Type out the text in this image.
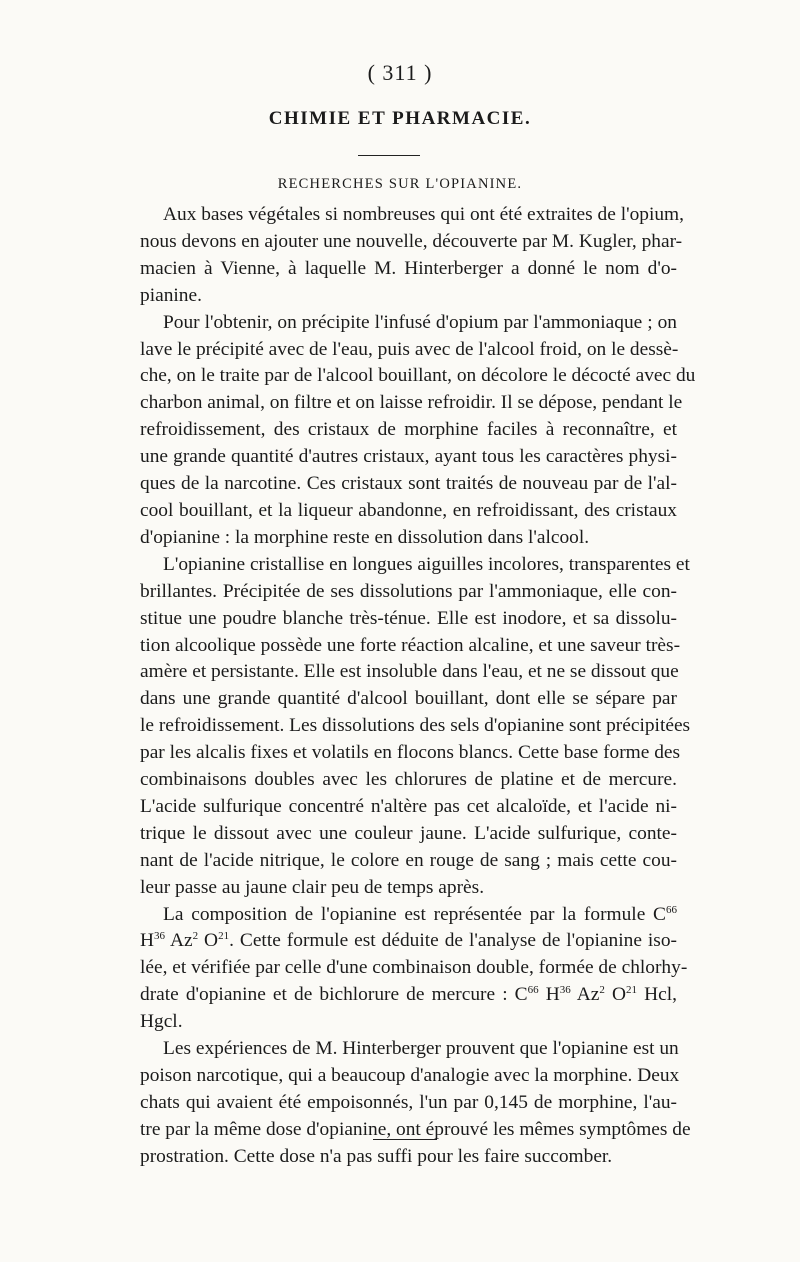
( 311 )
CHIMIE ET PHARMACIE.
RECHERCHES SUR L'OPIANINE.

Aux bases végétales si nombreuses qui ont été extraites de l'opium,
nous devons en ajouter une nouvelle, découverte par M. Kugler, phar-
macien à Vienne, à laquelle M. Hinterberger a donné le nom d'o-
pianine.

Pour l'obtenir, on précipite l'infusé d'opium par l'ammoniaque ; on
lave le précipité avec de l'eau, puis avec de l'alcool froid, on le dessè-
che, on le traite par de l'alcool bouillant, on décolore le décocté avec du
charbon animal, on filtre et on laisse refroidir. Il se dépose, pendant le
refroidissement, des cristaux de morphine faciles à reconnaître, et
une grande quantité d'autres cristaux, ayant tous les caractères physi-
ques de la narcotine. Ces cristaux sont traités de nouveau par de l'al-
cool bouillant, et la liqueur abandonne, en refroidissant, des cristaux
d'opianine : la morphine reste en dissolution dans l'alcool.

L'opianine cristallise en longues aiguilles incolores, transparentes et
brillantes. Précipitée de ses dissolutions par l'ammoniaque, elle con-
stitue une poudre blanche très-ténue. Elle est inodore, et sa dissolu-
tion alcoolique possède une forte réaction alcaline, et une saveur très-
amère et persistante. Elle est insoluble dans l'eau, et ne se dissout que
dans une grande quantité d'alcool bouillant, dont elle se sépare par
le refroidissement. Les dissolutions des sels d'opianine sont précipitées
par les alcalis fixes et volatils en flocons blancs. Cette base forme des
combinaisons doubles avec les chlorures de platine et de mercure.
L'acide sulfurique concentré n'altère pas cet alcaloïde, et l'acide ni-
trique le dissout avec une couleur jaune. L'acide sulfurique, conte-
nant de l'acide nitrique, le colore en rouge de sang ; mais cette cou-
leur passe au jaune clair peu de temps après.

La composition de l'opianine est représentée par la formule $C^{66}$
$H^{36}$ Az$^2$ $O^{21}$. Cette formule est déduite de l'analyse de l'opianine iso-
lée, et vérifiée par celle d'une combinaison double, formée de chlorhy-
drate d'opianine et de bichlorure de mercure : $C^{66}$ $H^{36}$ Az$^2$ $O^{21}$ Hcl,
Hgcl.

Les expériences de M. Hinterberger prouvent que l'opianine est un
poison narcotique, qui a beaucoup d'analogie avec la morphine. Deux
chats qui avaient été empoisonnés, l'un par 0,145 de morphine, l'au-
tre par la même dose d'opianine, ont éprouvé les mêmes symptômes de
prostration. Cette dose n'a pas suffi pour les faire succomber.
